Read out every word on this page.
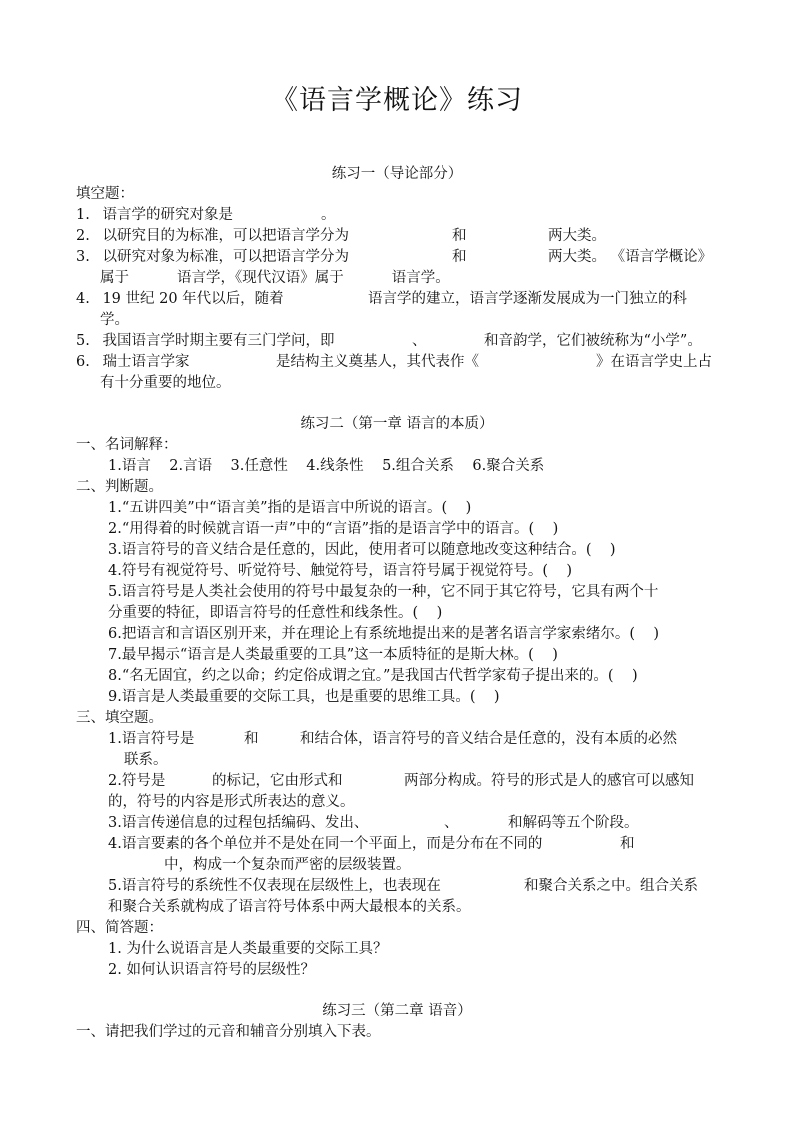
《语言学概论》练习
练习一（导论部分）
填空题：
1. 语言学的研究对象是	。
2. 以研究目的为标准，可以把语言学分为	和	两大类。
3. 以研究对象为标准，可以把语言学分为	和	两大类。 《语言学概论》
属于	语言学，《现代汉语》属于	语言学。
4. 19 世纪 20 年代以后，随着	语言学的建立，语言学逐渐发展成为一门独立的科
学。
5. 我国语言学时期主要有三门学问，即	、	和音韵学，它们被统称为“小学”。
6. 瑞士语言学家	是结构主义奠基人，其代表作《	》在语言学史上占
有十分重要的地位。
练习二（第一章 语言的本质）
一、名词解释：
1.语言    2.言语    3.任意性    4.线条性    5.组合关系    6.聚合关系
二、判断题。
1.“五讲四美”中“语言美”指的是语言中所说的语言。(    )
2.“用得着的时候就言语一声”中的“言语”指的是语言学中的语言。(    )
3.语言符号的音义结合是任意的，因此，使用者可以随意地改变这种结合。(    )
4.符号有视觉符号、听觉符号、触觉符号，语言符号属于视觉符号。(    )
5.语言符号是人类社会使用的符号中最复杂的一种，它不同于其它符号，它具有两个十
分重要的特征，即语言符号的任意性和线条性。(    )
6.把语言和言语区别开来，并在理论上有系统地提出来的是著名语言学家索绪尔。(    )
7.最早揭示“语言是人类最重要的工具”这一本质特征的是斯大林。(    )
8.“名无固宜，约之以命；约定俗成谓之宜。”是我国古代哲学家荀子提出来的。(    )
9.语言是人类最重要的交际工具，也是重要的思维工具。(    )
三、填空题。
1.语言符号是	和	和结合体，语言符号的音义结合是任意的，没有本质的必然
联系。
2.符号是	的标记，它由形式和	两部分构成。符号的形式是人的感官可以感知
的，符号的内容是形式所表达的意义。
3.语言传递信息的过程包括编码、发出、	、	和解码等五个阶段。
4.语言要素的各个单位并不是处在同一个平面上，而是分布在不同的	和
中，构成一个复杂而严密的层级装置。
5.语言符号的系统性不仅表现在层级性上，也表现在	和聚合关系之中。组合关系
和聚合关系就构成了语言符号体系中两大最根本的关系。
四、简答题：
1. 为什么说语言是人类最重要的交际工具？
2. 如何认识语言符号的层级性？
练习三（第二章 语音）
一、请把我们学过的元音和辅音分别填入下表。
